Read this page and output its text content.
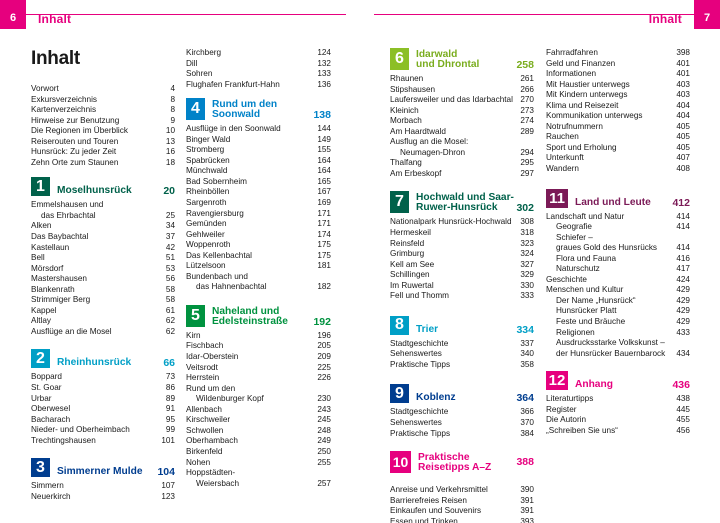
6	7
Inhalt	Inhalt
Inhalt
Vorwort	4
Exkursverzeichnis	8
Kartenverzeichnis	8
Hinweise zur Benutzung	9
Die Regionen im Überblick	10
Reiserouten und Touren	13
Hunsrück: Zu jeder Zeit	16
Zehn Orte zum Staunen	18
1	Moselhunsrück	20
Emmelshausen und
das Ehrbachtal	25
Alken	34
Das Baybachtal	37
Kastellaun	42
Bell	51
Mörsdorf	53
Mastershausen	56
Blankenrath	58
Strimmiger Berg	58
Kappel	61
Altlay	62
Ausflüge an die Mosel	62
2	Rheinhunsrück	66
Boppard	73
St. Goar	86
Urbar	89
Oberwesel	91
Bacharach	95
Nieder- und Oberheimbach	99
Trechtingshausen	101
3	Simmerner Mulde	104
Simmern	107
Neuerkirch	123
Kirchberg	124
Dill	132
Sohren	133
Flughafen Frankfurt-Hahn	136
4	Rund um den
Soonwald	138
Ausflüge in den Soonwald	144
Binger Wald	149
Stromberg	155
Spabrücken	164
Münchwald	164
Bad Sobernheim	165
Rheinböllen	167
Sargenroth	169
Ravengiersburg	171
Gemünden	171
Gehlweiler	174
Woppenroth	175
Das Kellenbachtal	175
Lützelsoon	181
Bundenbach und
das Hahnenbachtal	182
5	Naheland und
Edelsteinstraße	192
Kirn	196
Fischbach	205
Idar-Oberstein	209
Veitsrodt	225
Herrstein	226
Rund um den
Wildenburger Kopf	230
Allenbach	243
Kirschweiler	245
Schwollen	248
Oberhambach	249
Birkenfeld	250
Nohen	255
Hoppstädten-
Weiersbach	257
6	Idarwald
und Dhrontal	258
Rhaunen	261
Stipshausen	266
Laufersweiler und das Idarbachtal 270
Kleinich	273
Morbach	274
Am Haardtwald	289
Ausflug an die Mosel:
Neumagen-Dhron	294
Thalfang	295
Am Erbeskopf	297
7	Hochwald und Saar-
Ruwer-Hunsrück	302
Nationalpark Hunsrück-Hochwald 308
Hermeskeil	318
Reinsfeld	323
Grimburg	324
Kell am See	327
Schillingen	329
Im Ruwertal	330
Fell und Thomm	333
8	Trier	334
Stadtgeschichte	337
Sehenswertes	340
Praktische Tipps	358
9	Koblenz	364
Stadtgeschichte	366
Sehenswertes	370
Praktische Tipps	384
10 Praktische
Reisetipps A–Z	388
Anreise und Verkehrsmittel	390
Barrierefreies Reisen	391
Einkaufen und Souvenirs	391
Essen und Trinken	393
Fahrradfahren	398
Geld und Finanzen	401
Informationen	401
Mit Haustier unterwegs	403
Mit Kindern unterwegs	403
Klima und Reisezeit	404
Kommunikation unterwegs	404
Notrufnummern	405
Rauchen	405
Sport und Erholung	405
Unterkunft	407
Wandern	408
11 Land und Leute	412
Landschaft und Natur	414
Geografie	414
Schiefer –
graues Gold des Hunsrücks 414
Flora und Fauna	416
Naturschutz	417
Geschichte	424
Menschen und Kultur	429
Der Name „Hunsrück“	429
Hunsrücker Platt	429
Feste und Bräuche	429
Religionen	433
Ausdrucksstarke Volkskunst –
der Hunsrücker Bauernbarock 434
12 Anhang	436
Literaturtipps	438
Register	445
Die Autorin	455
„Schreiben Sie uns“	456
